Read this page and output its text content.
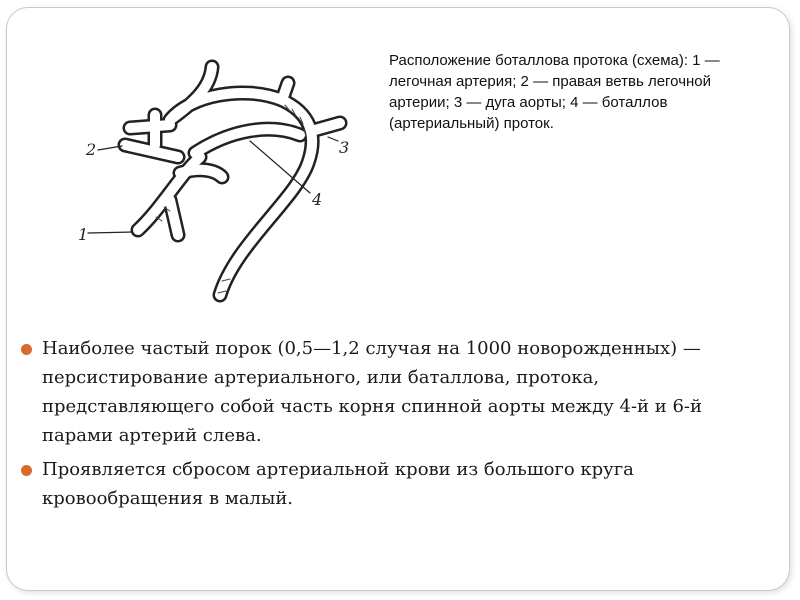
1
2	3
4
Расположение боталлова протока (схема): 1 — легочная артерия; 2 — правая ветвь легочной артерии; 3 — дуга аорты; 4 — боталлов (артериальный) проток.
Наиболее частый порок (0,5—1,2 случая на 1000 новорожденных) — персистирование артериального, или баталлова, протока, представляющего собой часть корня спинной аорты между 4-й и 6-й парами артерий слева.
Проявляется сбросом артериальной крови из большого круга кровообращения в малый.
